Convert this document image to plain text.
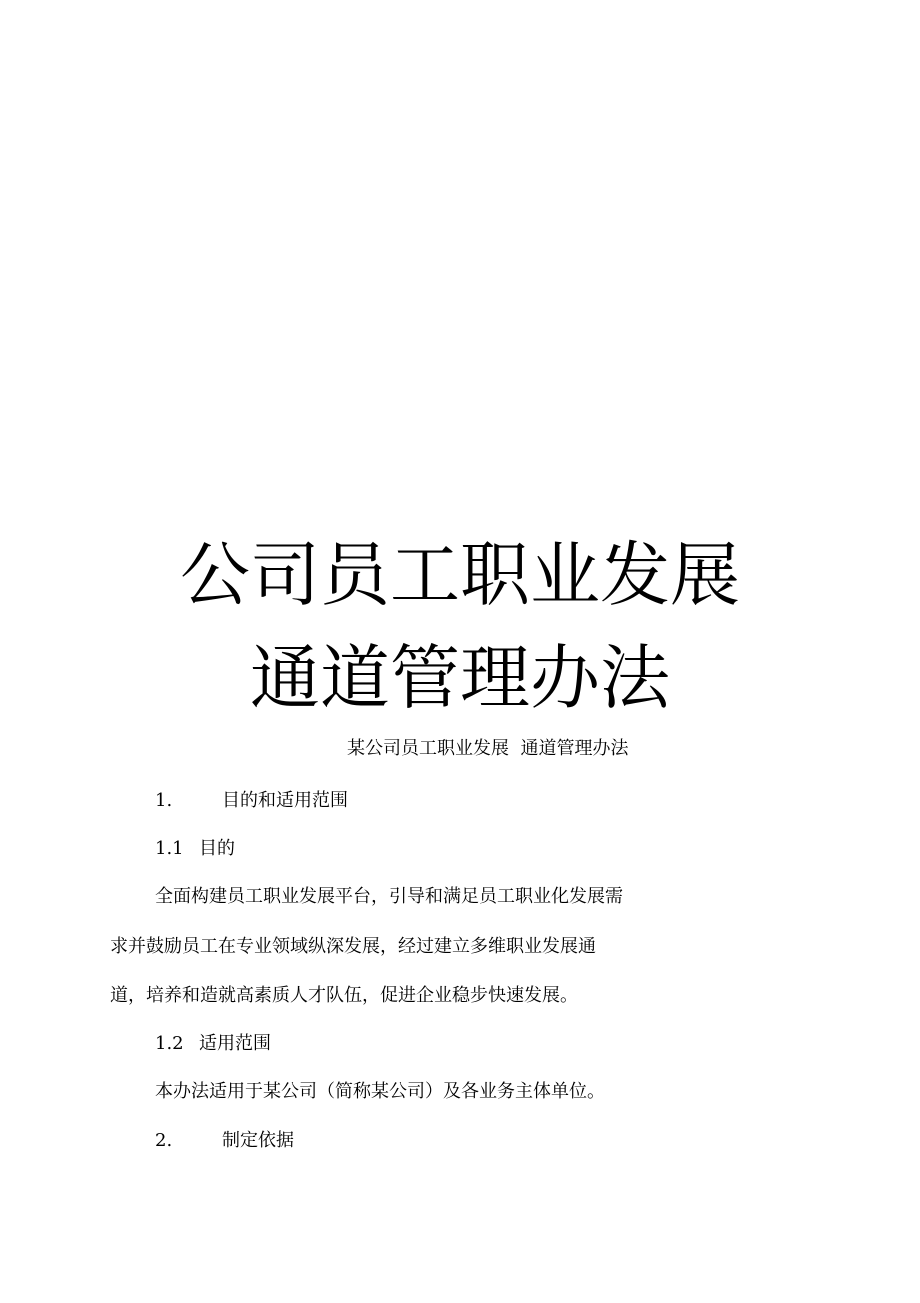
公司员工职业发展
通道管理办法
某公司员工职业发展  通道管理办法
1.	目的和适用范围
1.1 目的
全面构建员工职业发展平台，引导和满足员工职业化发展需
求并鼓励员工在专业领域纵深发展，经过建立多维职业发展通
道，培养和造就高素质人才队伍，促进企业稳步快速发展。
1.2 适用范围
本办法适用于某公司（简称某公司）及各业务主体单位。
2.	制定依据
